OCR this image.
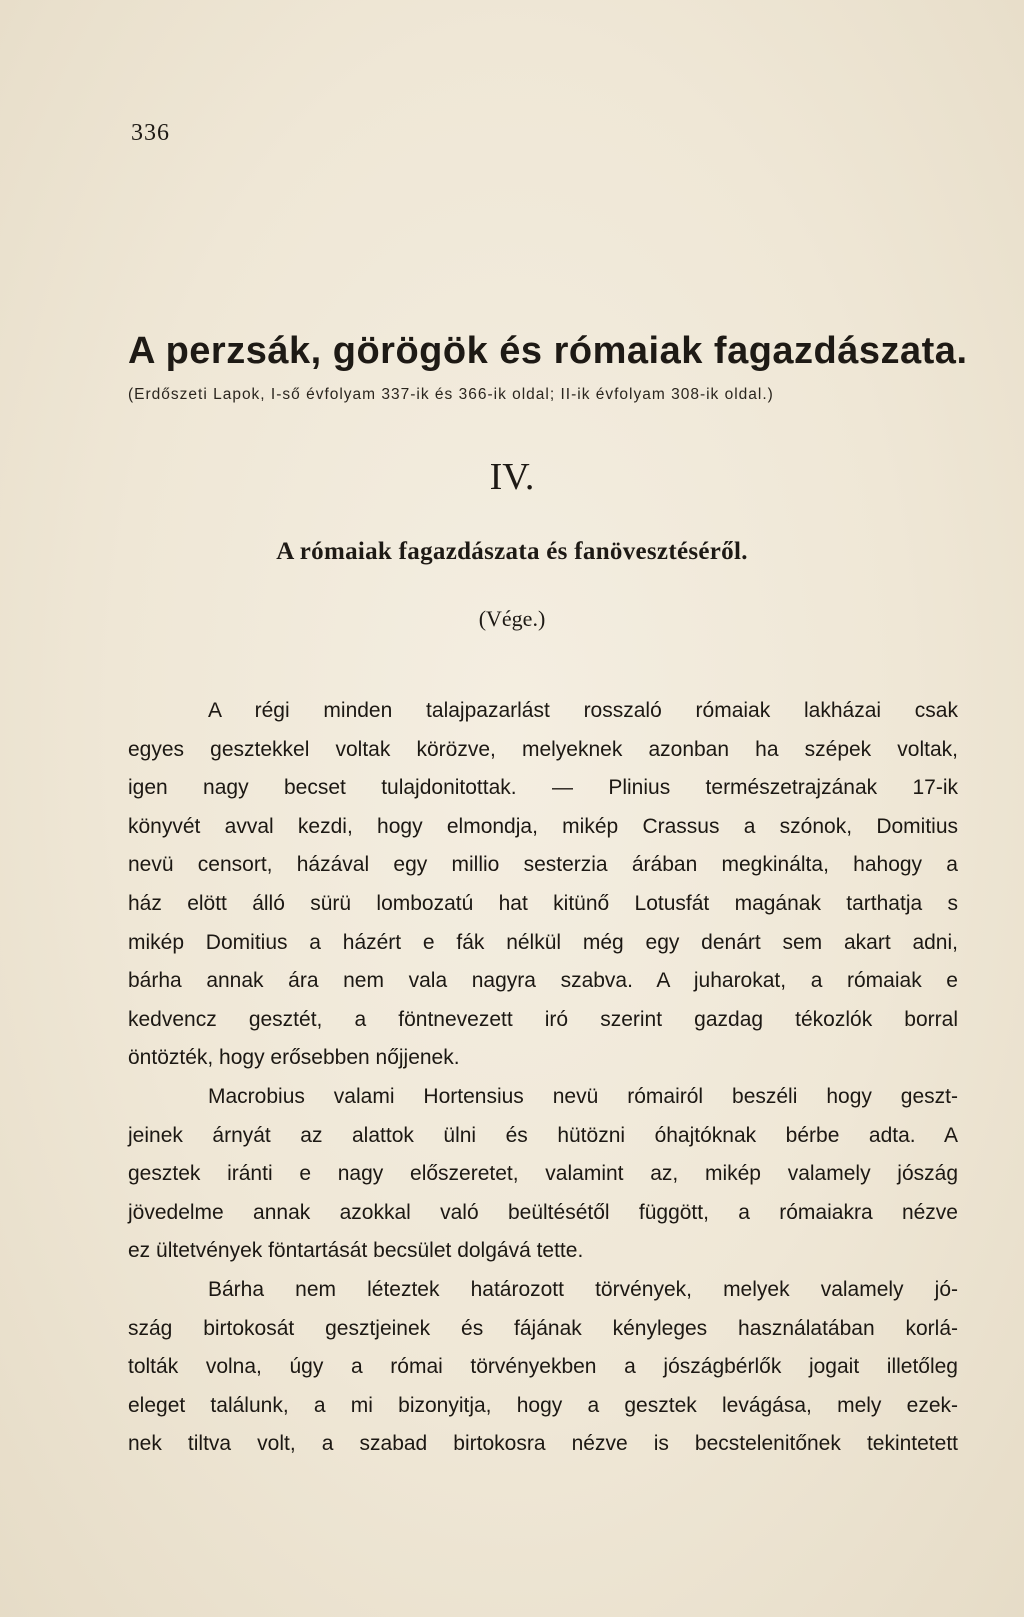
336
A perzsák, görögök és rómaiak fagazdászata.
(Erdőszeti Lapok, I-ső évfolyam 337-ik és 366-ik oldal; II-ik évfolyam 308-ik oldal.)
IV.
A rómaiak fagazdászata és fanövesztéséről.
(Vége.)
A régi minden talajpazarlást rosszaló rómaiak lakházai csak
egyes gesztekkel voltak körözve, melyeknek azonban ha szépek voltak,
igen nagy becset tulajdonitottak. — Plinius természetrajzának 17-ik
könyvét avval kezdi, hogy elmondja, mikép Crassus a szónok, Domitius
nevü censort, házával egy millio sesterzia árában megkinálta, hahogy a
ház elött álló sürü lombozatú hat kitünő Lotusfát magának tarthatja s
mikép Domitius a házért e fák nélkül még egy denárt sem akart adni,
bárha annak ára nem vala nagyra szabva. A juharokat, a rómaiak e
kedvencz gesztét, a föntnevezett iró szerint gazdag tékozlók borral
öntözték, hogy erősebben nőjjenek.
Macrobius valami Hortensius nevü rómairól beszéli hogy geszt-
jeinek árnyát az alattok ülni és hütözni óhajtóknak bérbe adta. A
gesztek iránti e nagy előszeretet, valamint az, mikép valamely jószág
jövedelme annak azokkal való beültésétől függött, a rómaiakra nézve
ez ültetvények föntartását becsület dolgává tette.
Bárha nem léteztek határozott törvények, melyek valamely jó-
szág birtokosát gesztjeinek és fájának kényleges használatában korlá-
tolták volna, úgy a római törvényekben a jószágbérlők jogait illetőleg
eleget találunk, a mi bizonyitja, hogy a gesztek levágása, mely ezek-
nek tiltva volt, a szabad birtokosra nézve is becstelenitőnek tekintetett
